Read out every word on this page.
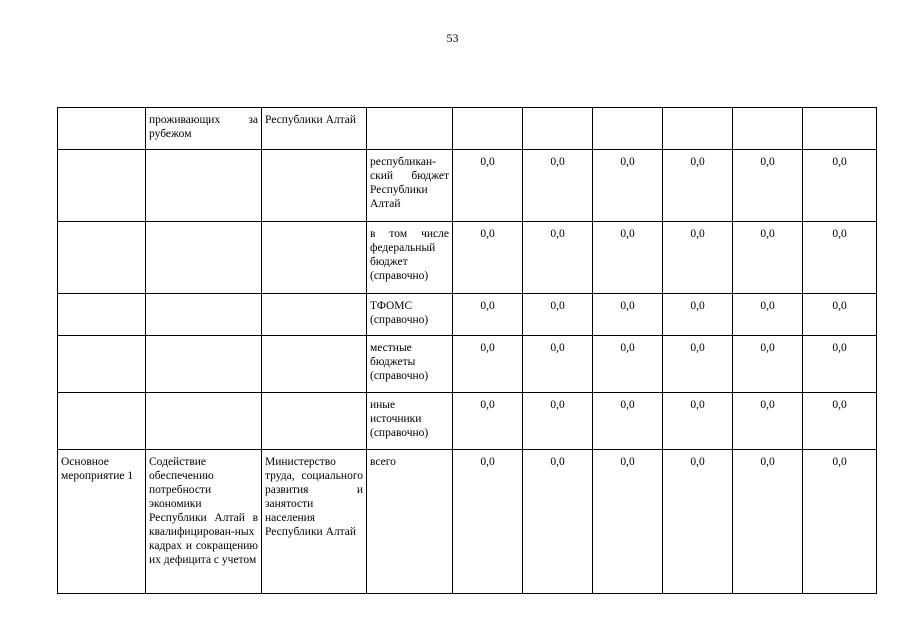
53

	проживающих за рубежом	Республики Алтай							

			республикан-ский бюджет Республики Алтай	0,0	0,0	0,0	0,0	0,0	0,0

			в том числе федеральный бюджет (справочно)	0,0	0,0	0,0	0,0	0,0	0,0

			ТФОМС (справочно)	0,0	0,0	0,0	0,0	0,0	0,0

			местные бюджеты (справочно)	0,0	0,0	0,0	0,0	0,0	0,0

			иные источники (справочно)	0,0	0,0	0,0	0,0	0,0	0,0

Основное мероприятие 1	Содействие обеспечению потребности экономики Республики Алтай в квалифицирован-ных кадрах и сокращению их дефицита с учетом	Министерство труда, социального развития и занятости населения Республики Алтай	всего	0,0	0,0	0,0	0,0	0,0	0,0
